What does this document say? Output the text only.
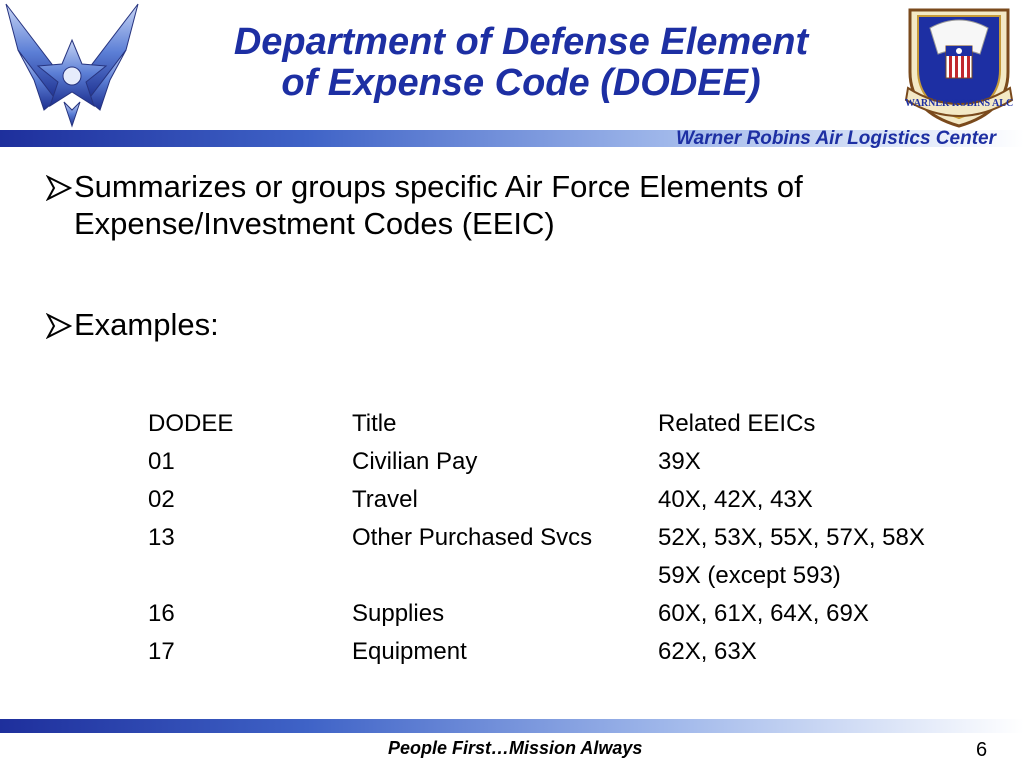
Department of Defense Element
of Expense Code (DODEE)	WARNER ROBINS ALC
Warner Robins Air Logistics Center
Summarizes or groups specific Air Force Elements of
Expense/Investment Codes (EEIC)
Examples:
DODEE	Title	Related EEICs
01	Civilian Pay	39X
02	Travel	40X, 42X, 43X
13	Other Purchased Svcs	52X, 53X, 55X, 57X, 58X
		59X (except 593)
16	Supplies	60X, 61X, 64X, 69X
17	Equipment	62X, 63X
People First…Mission Always	6
